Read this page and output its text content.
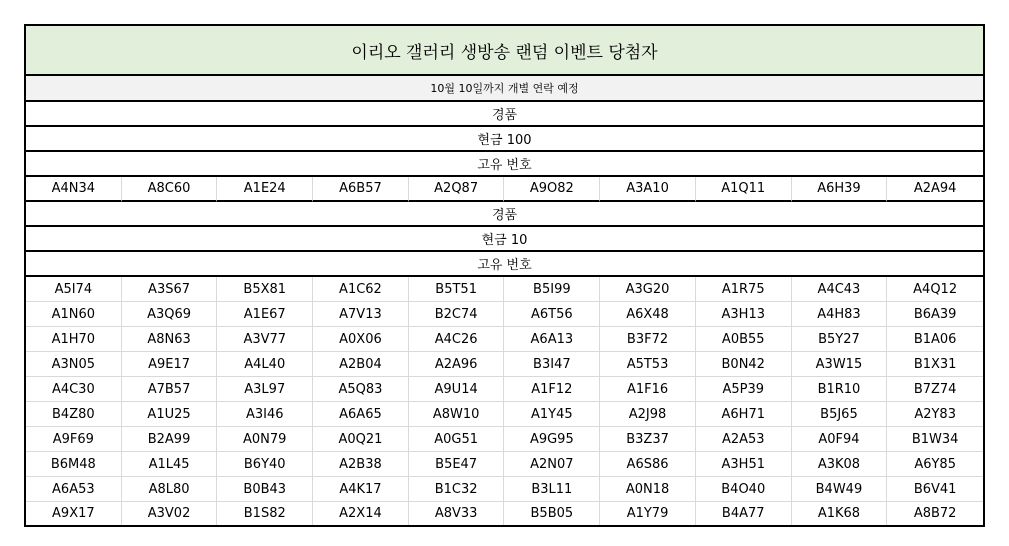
이리오 갤러리 생방송 랜덤 이벤트 당첨자
10월 10일까지 개별 연락 예정
경품
현금 100
고유 번호
A4N34	A8C60	A1E24	A6B57	A2Q87	A9O82	A3A10	A1Q11	A6H39	A2A94
경품
현금 10
고유 번호
A5I74	A3S67	B5X81	A1C62	B5T51	B5I99	A3G20	A1R75	A4C43	A4Q12
A1N60	A3Q69	A1E67	A7V13	B2C74	A6T56	A6X48	A3H13	A4H83	B6A39
A1H70	A8N63	A3V77	A0X06	A4C26	A6A13	B3F72	A0B55	B5Y27	B1A06
A3N05	A9E17	A4L40	A2B04	A2A96	B3I47	A5T53	B0N42	A3W15	B1X31
A4C30	A7B57	A3L97	A5Q83	A9U14	A1F12	A1F16	A5P39	B1R10	B7Z74
B4Z80	A1U25	A3I46	A6A65	A8W10	A1Y45	A2J98	A6H71	B5J65	A2Y83
A9F69	B2A99	A0N79	A0Q21	A0G51	A9G95	B3Z37	A2A53	A0F94	B1W34
B6M48	A1L45	B6Y40	A2B38	B5E47	A2N07	A6S86	A3H51	A3K08	A6Y85
A6A53	A8L80	B0B43	A4K17	B1C32	B3L11	A0N18	B4O40	B4W49	B6V41
A9X17	A3V02	B1S82	A2X14	A8V33	B5B05	A1Y79	B4A77	A1K68	A8B72
